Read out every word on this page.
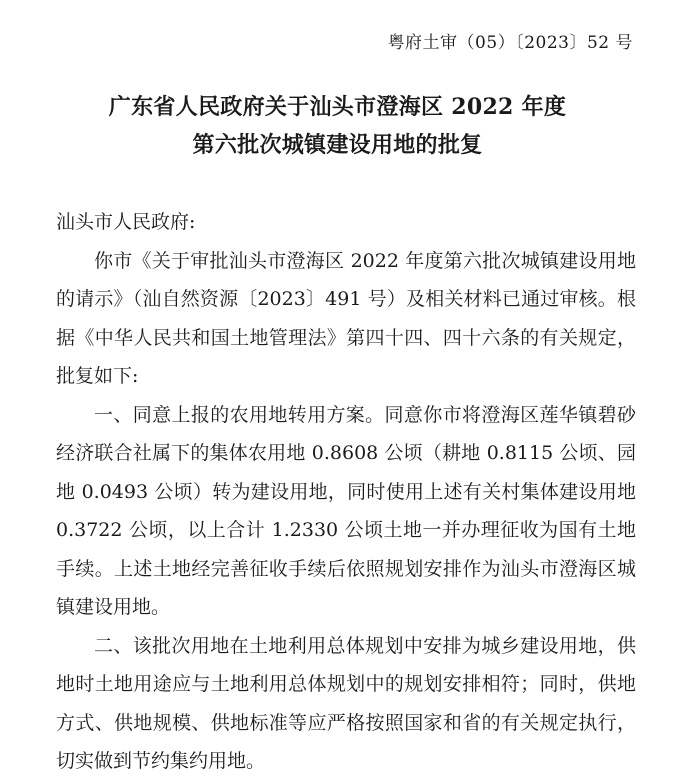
粤府土审（05）〔2023〕52 号
广东省人民政府关于汕头市澄海区 2022 年度
第六批次城镇建设用地的批复

汕头市人民政府:

你市《关于审批汕头市澄海区 2022 年度第六批次城镇建设用地的请示》（汕自然资源〔2023〕491 号）及相关材料已通过审核。根据《中华人民共和国土地管理法》第四十四、四十六条的有关规定，批复如下:

一、同意上报的农用地转用方案。同意你市将澄海区莲华镇碧砂经济联合社属下的集体农用地 0.8608 公顷（耕地 0.8115 公顷、园地 0.0493 公顷）转为建设用地，同时使用上述有关村集体建设用地 0.3722 公顷，以上合计 1.2330 公顷土地一并办理征收为国有土地手续。上述土地经完善征收手续后依照规划安排作为汕头市澄海区城镇建设用地。

二、该批次用地在土地利用总体规划中安排为城乡建设用地，供地时土地用途应与土地利用总体规划中的规划安排相符；同时，供地方式、供地规模、供地标准等应严格按照国家和省的有关规定执行，切实做到节约集约用地。
